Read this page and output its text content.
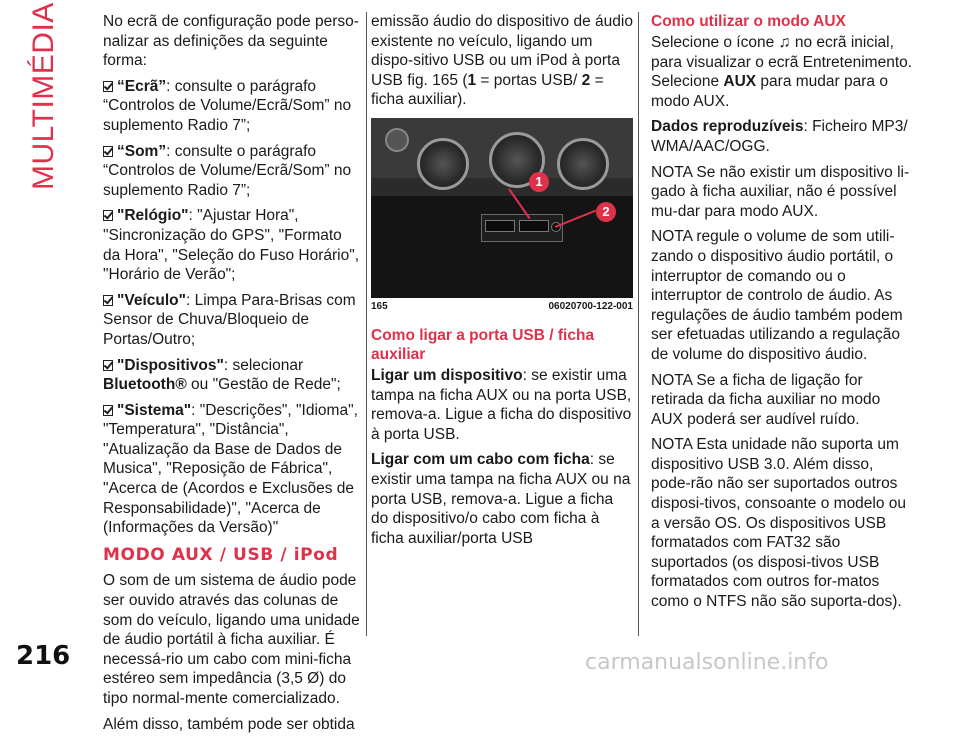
MULTIMÉDIA	No ecrã de configuração pode perso-nalizar as definições da seguinte forma:

“Ecrã”: consulte o parágrafo “Controlos de Volume/Ecrã/Som” no suplemento Radio 7”;

“Som”: consulte o parágrafo “Controlos de Volume/Ecrã/Som” no suplemento Radio 7”;

"Relógio": "Ajustar Hora", "Sincronização do GPS", "Formato da Hora", "Seleção do Fuso Horário", "Horário de Verão";

"Veículo": Limpa Para-Brisas com Sensor de Chuva/Bloqueio de Portas/Outro;

"Dispositivos": selecionar Bluetooth® ou "Gestão de Rede";

"Sistema": "Descrições", "Idioma", "Temperatura", "Distância", "Atualização da Base de Dados de Musica", "Reposição de Fábrica", "Acerca de (Acordos e Exclusões de Responsabilidade)", "Acerca de (Informações da Versão)"

MODO AUX / USB / iPod

O som de um sistema de áudio pode ser ouvido através das colunas de som do veículo, ligando uma unidade de áudio portátil à ficha auxiliar. É necessá-rio um cabo com mini-ficha estéreo sem impedância (3,5 Ø) do tipo normal-mente comercializado.

Além disso, também pode ser obtida

emissão áudio do dispositivo de áudio existente no veículo, ligando um dispo-sitivo USB ou um iPod à porta USB fig. 165 (1 = portas USB/ 2 = ficha auxiliar).

1
2
165	06020700-122-001
Como ligar a porta USB / ficha auxiliar

Ligar um dispositivo: se existir uma tampa na ficha AUX ou na porta USB, remova-a. Ligue a ficha do dispositivo à porta USB.

Ligar com um cabo com ficha: se existir uma tampa na ficha AUX ou na porta USB, remova-a. Ligue a ficha do dispositivo/o cabo com ficha à ficha auxiliar/porta USB

Como utilizar o modo AUX

Selecione o ícone ♫ no ecrã inicial, para visualizar o ecrã Entretenimento. Selecione AUX para mudar para o modo AUX.

Dados reproduzíveis: Ficheiro MP3/ WMA/AAC/OGG.

NOTA Se não existir um dispositivo li-gado à ficha auxiliar, não é possível mu-dar para modo AUX.

NOTA regule o volume de som utili-zando o dispositivo áudio portátil, o interruptor de comando ou o interruptor de controlo de áudio. As regulações de áudio também podem ser efetuadas utilizando a regulação de volume do dispositivo áudio.

NOTA Se a ficha de ligação for retirada da ficha auxiliar no modo AUX poderá ser audível ruído.

NOTA Esta unidade não suporta um dispositivo USB 3.0. Além disso, pode-rão não ser suportados outros disposi-tivos, consoante o modelo ou a versão OS. Os dispositivos USB formatados com FAT32 são suportados (os disposi-tivos USB formatados com outros for-matos como o NTFS não são suporta-dos).

216	carmanualsonline.info
